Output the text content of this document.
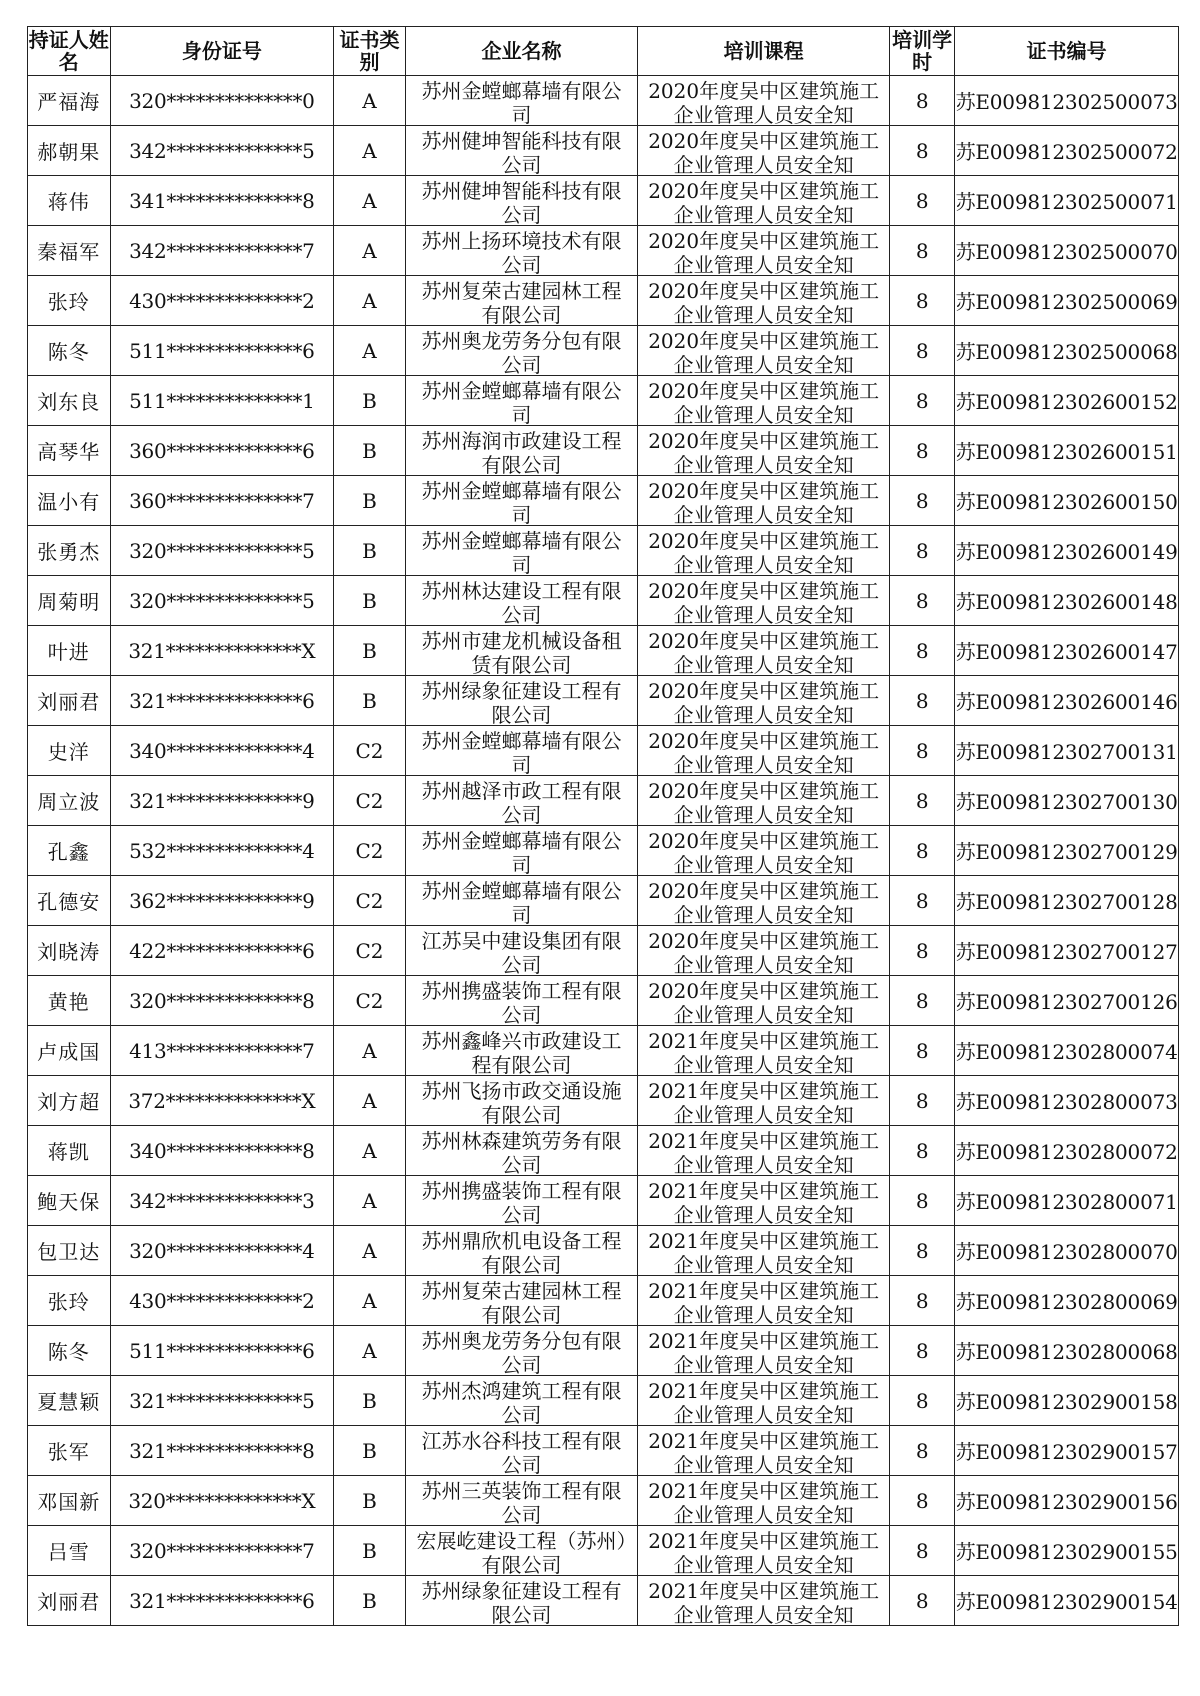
持证人姓名	身份证号	证书类别	企业名称	培训课程	培训学时	证书编号
严福海	320**************0	A	苏州金螳螂幕墙有限公司	2020年度吴中区建筑施工企业管理人员安全知	8	苏E009812302500073
郝朝果	342**************5	A	苏州健坤智能科技有限公司	2020年度吴中区建筑施工企业管理人员安全知	8	苏E009812302500072
蒋伟	341**************8	A	苏州健坤智能科技有限公司	2020年度吴中区建筑施工企业管理人员安全知	8	苏E009812302500071
秦福军	342**************7	A	苏州上扬环境技术有限公司	2020年度吴中区建筑施工企业管理人员安全知	8	苏E009812302500070
张玲	430**************2	A	苏州复荣古建园林工程有限公司	2020年度吴中区建筑施工企业管理人员安全知	8	苏E009812302500069
陈冬	511**************6	A	苏州奥龙劳务分包有限公司	2020年度吴中区建筑施工企业管理人员安全知	8	苏E009812302500068
刘东良	511**************1	B	苏州金螳螂幕墙有限公司	2020年度吴中区建筑施工企业管理人员安全知	8	苏E009812302600152
高琴华	360**************6	B	苏州海润市政建设工程有限公司	2020年度吴中区建筑施工企业管理人员安全知	8	苏E009812302600151
温小有	360**************7	B	苏州金螳螂幕墙有限公司	2020年度吴中区建筑施工企业管理人员安全知	8	苏E009812302600150
张勇杰	320**************5	B	苏州金螳螂幕墙有限公司	2020年度吴中区建筑施工企业管理人员安全知	8	苏E009812302600149
周菊明	320**************5	B	苏州林达建设工程有限公司	2020年度吴中区建筑施工企业管理人员安全知	8	苏E009812302600148
叶进	321**************X	B	苏州市建龙机械设备租赁有限公司	2020年度吴中区建筑施工企业管理人员安全知	8	苏E009812302600147
刘丽君	321**************6	B	苏州绿象征建设工程有限公司	2020年度吴中区建筑施工企业管理人员安全知	8	苏E009812302600146
史洋	340**************4	C2	苏州金螳螂幕墙有限公司	2020年度吴中区建筑施工企业管理人员安全知	8	苏E009812302700131
周立波	321**************9	C2	苏州越泽市政工程有限公司	2020年度吴中区建筑施工企业管理人员安全知	8	苏E009812302700130
孔鑫	532**************4	C2	苏州金螳螂幕墙有限公司	2020年度吴中区建筑施工企业管理人员安全知	8	苏E009812302700129
孔德安	362**************9	C2	苏州金螳螂幕墙有限公司	2020年度吴中区建筑施工企业管理人员安全知	8	苏E009812302700128
刘晓涛	422**************6	C2	江苏吴中建设集团有限公司	2020年度吴中区建筑施工企业管理人员安全知	8	苏E009812302700127
黄艳	320**************8	C2	苏州携盛装饰工程有限公司	2020年度吴中区建筑施工企业管理人员安全知	8	苏E009812302700126
卢成国	413**************7	A	苏州鑫峰兴市政建设工程有限公司	2021年度吴中区建筑施工企业管理人员安全知	8	苏E009812302800074
刘方超	372**************X	A	苏州飞扬市政交通设施有限公司	2021年度吴中区建筑施工企业管理人员安全知	8	苏E009812302800073
蒋凯	340**************8	A	苏州林森建筑劳务有限公司	2021年度吴中区建筑施工企业管理人员安全知	8	苏E009812302800072
鲍天保	342**************3	A	苏州携盛装饰工程有限公司	2021年度吴中区建筑施工企业管理人员安全知	8	苏E009812302800071
包卫达	320**************4	A	苏州鼎欣机电设备工程有限公司	2021年度吴中区建筑施工企业管理人员安全知	8	苏E009812302800070
张玲	430**************2	A	苏州复荣古建园林工程有限公司	2021年度吴中区建筑施工企业管理人员安全知	8	苏E009812302800069
陈冬	511**************6	A	苏州奥龙劳务分包有限公司	2021年度吴中区建筑施工企业管理人员安全知	8	苏E009812302800068
夏慧颖	321**************5	B	苏州杰鸿建筑工程有限公司	2021年度吴中区建筑施工企业管理人员安全知	8	苏E009812302900158
张军	321**************8	B	江苏水谷科技工程有限公司	2021年度吴中区建筑施工企业管理人员安全知	8	苏E009812302900157
邓国新	320**************X	B	苏州三英装饰工程有限公司	2021年度吴中区建筑施工企业管理人员安全知	8	苏E009812302900156
吕雪	320**************7	B	宏展屹建设工程（苏州）有限公司	2021年度吴中区建筑施工企业管理人员安全知	8	苏E009812302900155
刘丽君	321**************6	B	苏州绿象征建设工程有限公司	2021年度吴中区建筑施工企业管理人员安全知	8	苏E009812302900154
